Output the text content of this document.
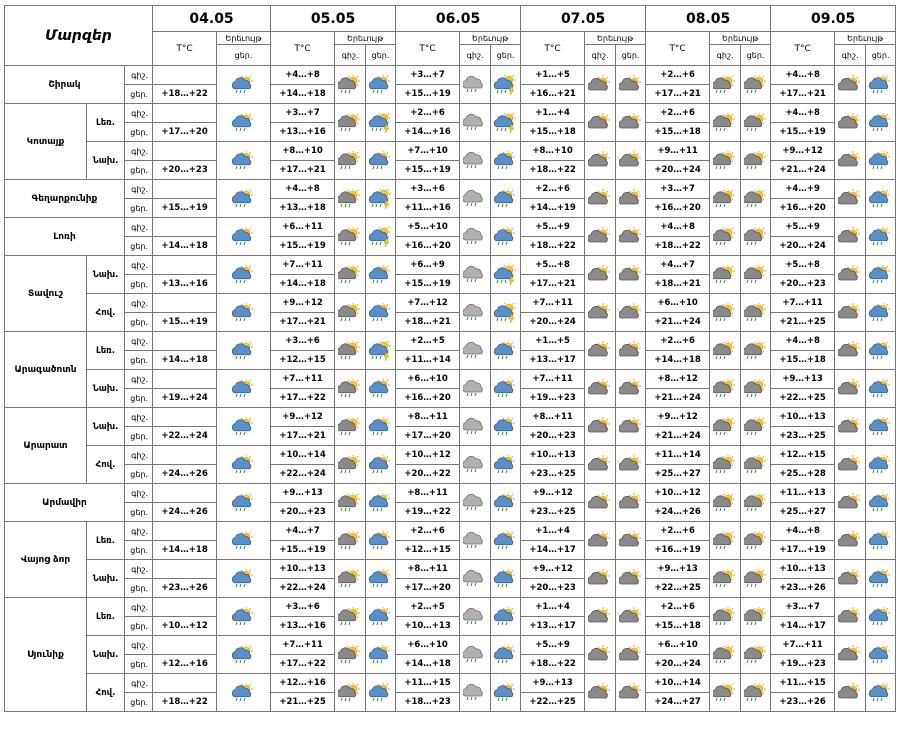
Մարզեր			04.05		05.05			06.05			07.05			08.05			09.05		
			T°C	Երեւույթ	T°C	Երեւույթ		T°C	Երեւույթ		T°C	Երեւույթ		T°C	Երեւույթ		T°C	Երեւույթ	
				ցեր.		գիշ.	ցեր.		գիշ.	ցեր.		գիշ.	ցեր.		գիշ.	ցեր.		գիշ.	ցեր.
Շիրակ		գիշ.			+4…+8			+3…+7			+1…+5			+2…+6			+4…+8	

		ցեր.	+18…+22		+14…+18			+15…+19			+16…+21			+17…+21			+17…+21		
Կոտայք	Լեռ.	գիշ.			+3…+7			+2…+6			+1…+4			+2…+6			+4…+8	

		ցեր.	+17…+20		+13…+16			+14…+16			+15…+18			+15…+18			+15…+19		
	Նախ.	գիշ.			+8…+10			+7…+10			+8…+10			+9…+11			+9…+12	

		ցեր.	+20…+23		+17…+21			+15…+19			+18…+22			+20…+24			+21…+24		
Գեղարքունիք		գիշ.			+4…+8			+3…+6			+2…+6			+3…+7			+4…+9	

		ցեր.	+15…+19		+13…+18			+11…+16			+14…+19			+16…+20			+16…+20		
Լոռի		գիշ.			+6…+11			+5…+10			+5…+9			+4…+8			+5…+9	

		ցեր.	+14…+18		+15…+19			+16…+20			+18…+22			+18…+22			+20…+24		
Տավուշ	Նախ.	գիշ.			+7…+11			+6…+9			+5…+8			+4…+7			+5…+8	

		ցեր.	+13…+16		+14…+18			+15…+19			+17…+21			+18…+21			+20…+23		
	Հով.	գիշ.			+9…+12			+7…+12			+7…+11			+6…+10			+7…+11	

		ցեր.	+15…+19		+17…+21			+18…+21			+20…+24			+21…+24			+21…+25		
Արագածոտն	Լեռ.	գիշ.			+3…+6			+2…+5			+1…+5			+2…+6			+4…+8	

		ցեր.	+14…+18		+12…+15			+11…+14			+13…+17			+14…+18			+15…+18		
	Նախ.	գիշ.			+7…+11			+6…+10			+7…+11			+8…+12			+9…+13	

		ցեր.	+19…+24		+17…+22			+16…+20			+19…+23			+21…+24			+22…+25		
Արարատ	Նախ.	գիշ.			+9…+12			+8…+11			+8…+11			+9…+12			+10…+13	

		ցեր.	+22…+24		+17…+21			+17…+20			+20…+23			+21…+24			+23…+25		
	Հով.	գիշ.			+10…+14			+10…+12			+10…+13			+11…+14			+12…+15	

		ցեր.	+24…+26		+22…+24			+20…+22			+23…+25			+25…+27			+25…+28		
Արմավիր		գիշ.			+9…+13			+8…+11			+9…+12			+10…+12			+11…+13	

		ցեր.	+24…+26		+20…+23			+19…+22			+23…+25			+24…+26			+25…+27		
Վայոց ձոր	Լեռ.	գիշ.			+4…+7			+2…+6			+1…+4			+2…+6			+4…+8	

		ցեր.	+14…+18		+15…+19			+12…+15			+14…+17			+16…+19			+17…+19		
	Նախ.	գիշ.			+10…+13			+8…+11			+9…+12			+9…+13			+10…+13	

		ցեր.	+23…+26		+22…+24			+17…+20			+20…+23			+22…+25			+23…+26		
Սյունիք	Լեռ.	գիշ.			+3…+6			+2…+5			+1…+4			+2…+6			+3…+7	

		ցեր.	+10…+12		+13…+16			+10…+13			+13…+17			+15…+18			+14…+17		
	Նախ.	գիշ.			+7…+11			+6…+10			+5…+9			+6…+10			+7…+11	

		ցեր.	+12…+16		+17…+22			+14…+18			+18…+22			+20…+24			+19…+23		
	Հով.	գիշ.			+12…+16			+11…+15			+9…+13			+10…+14			+11…+15	

		ցեր.	+18…+22		+21…+25			+18…+23			+22…+25			+24…+27			+23…+26		
